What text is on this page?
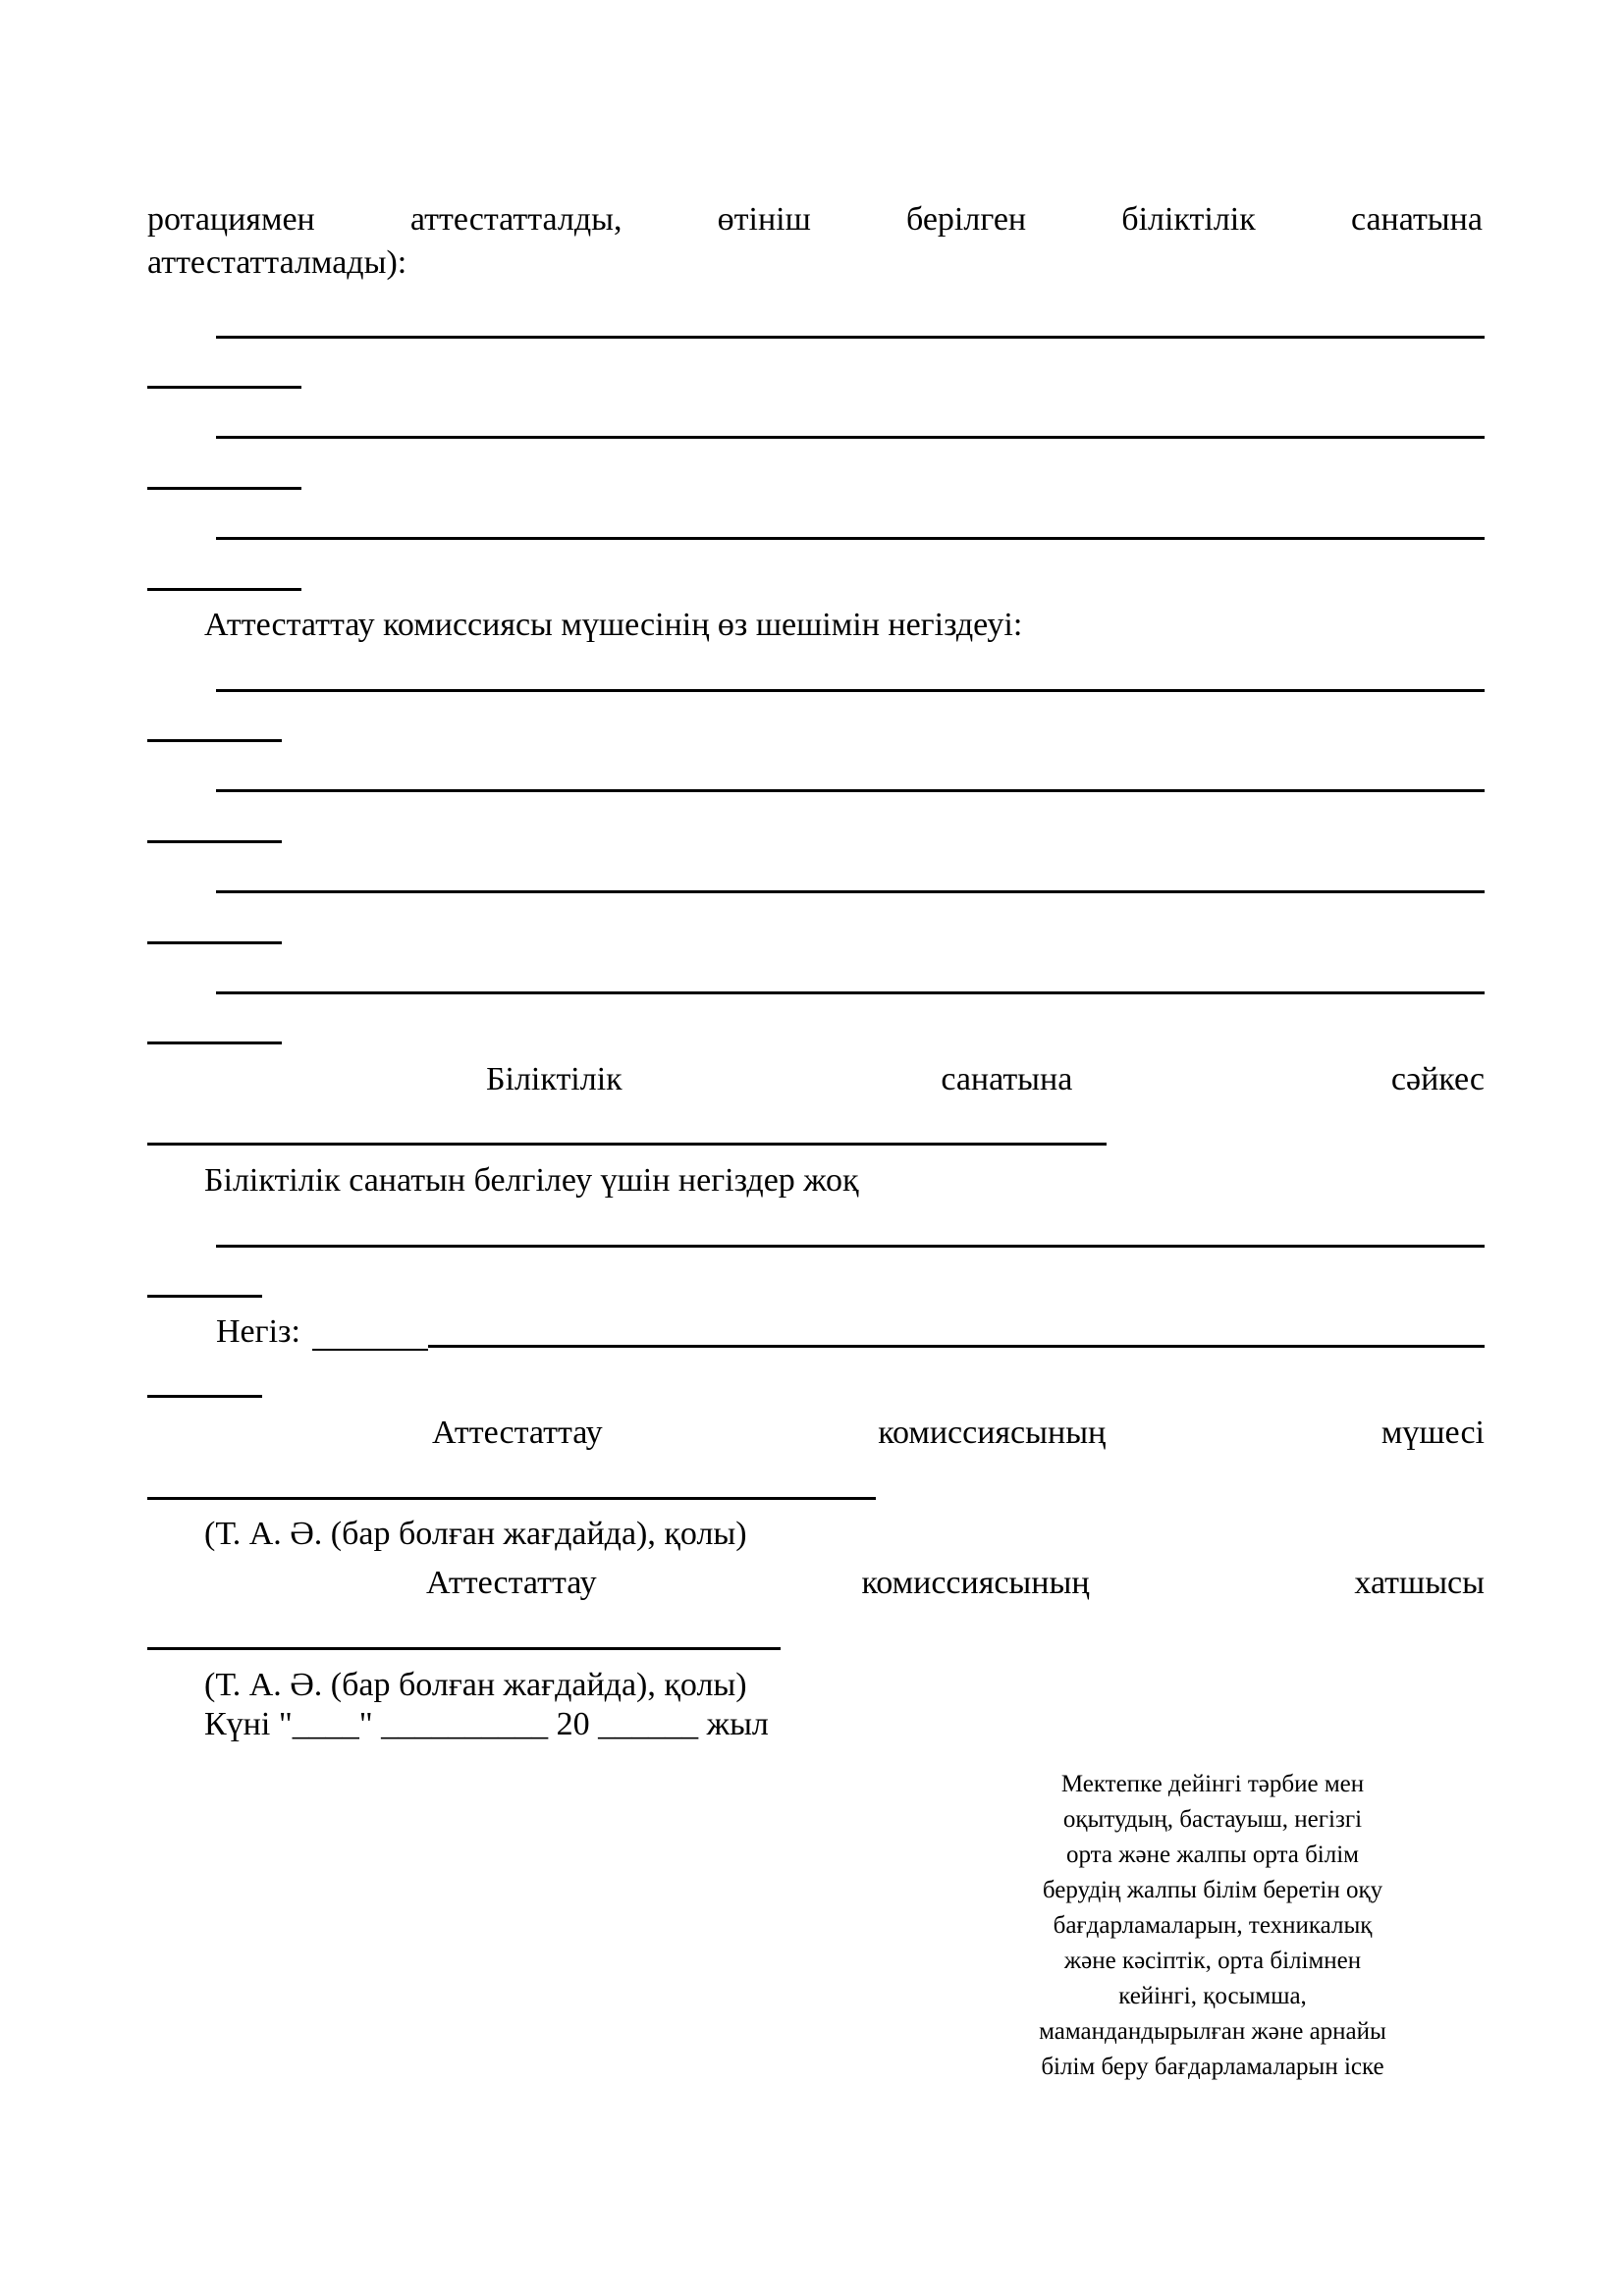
ротациямен	аттестатталды,	өтініш	берілген	біліктілік	санатына
аттестатталмады):
Аттестаттау комиссиясы мүшесінің өз шешімін негіздеуі:
Біліктілік	санатына	сәйкес
Біліктілік санатын белгілеу үшін негіздер жоқ
Негіз:
Аттестаттау	комиссиясының	мүшесі
(Т. А. Ә. (бар болған жағдайда), қолы)
Аттестаттау	комиссиясының	хатшысы
(Т. А. Ә. (бар болған жағдайда), қолы)
Күні "____" __________ 20 ______ жыл
Мектепке дейінгі тәрбие мен
оқытудың, бастауыш, негізгі
орта және жалпы орта білім
берудің жалпы білім беретін оқу
бағдарламаларын, техникалық
және кәсіптік, орта білімнен
кейінгі, қосымша,
мамандандырылған және арнайы
білім беру бағдарламаларын іске
